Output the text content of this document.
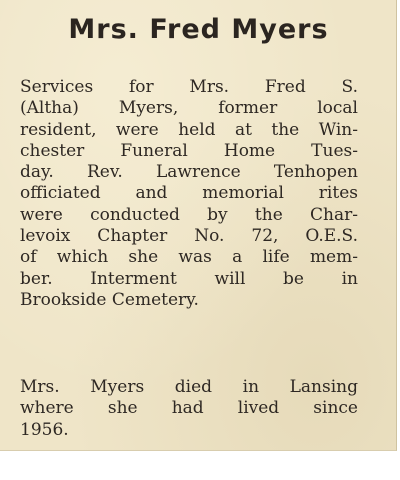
Mrs. Fred Myers
Services for Mrs. Fred S.
(Altha) Myers, former local
resident, were held at the Win-
chester Funeral Home Tues-
day. Rev. Lawrence Tenhopen
officiated and memorial rites
were conducted by the Char-
levoix Chapter No. 72, O.E.S.
of which she was a life mem-
ber. Interment will be in
Brookside Cemetery.
Mrs. Myers died in Lansing
where she had lived since
1956.
